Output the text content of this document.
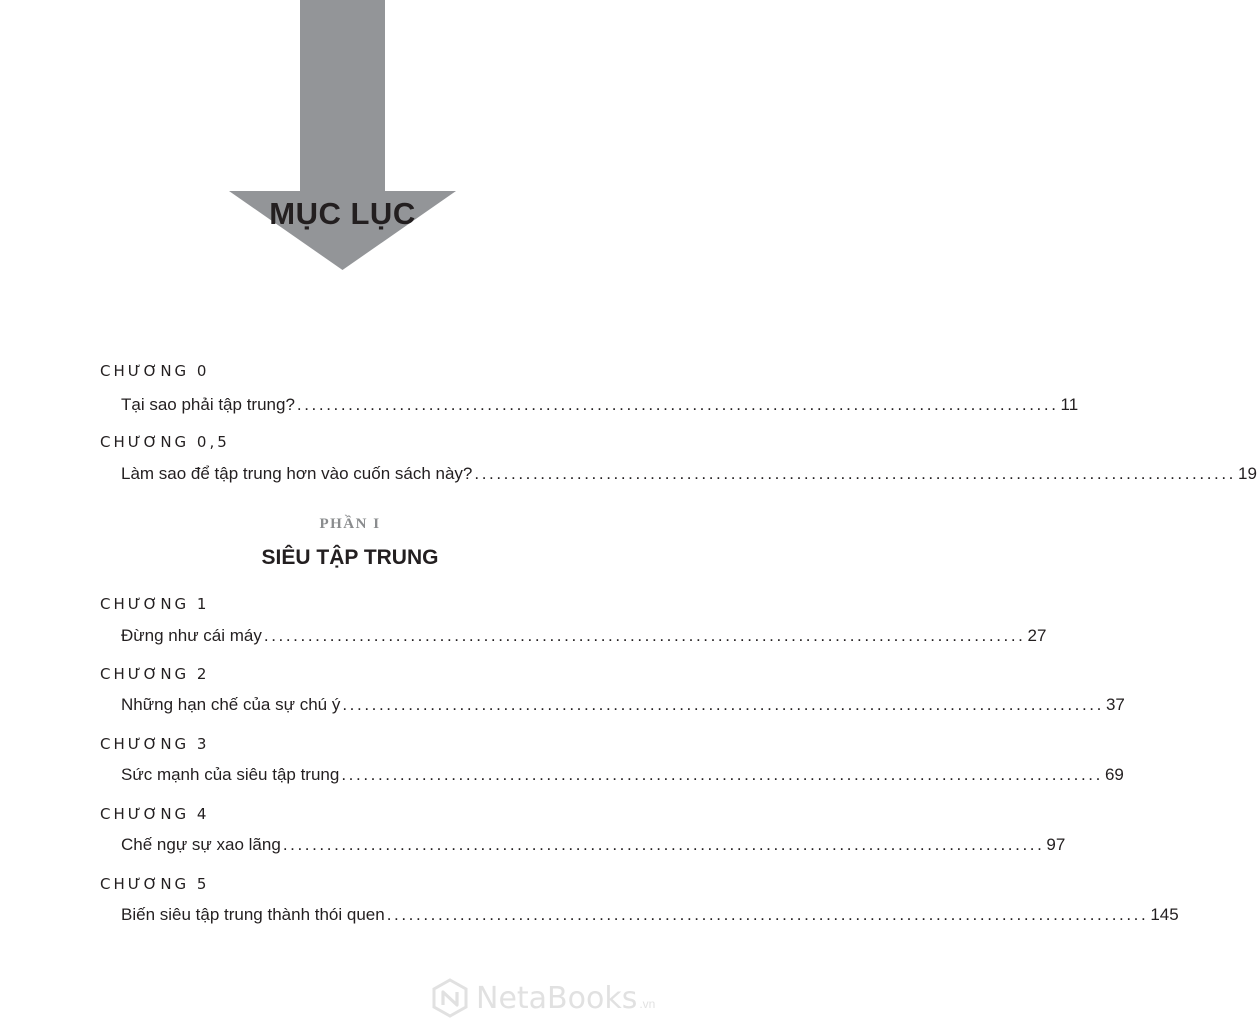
MỤC LỤC
CHƯƠNG 0
Tại sao phải tập trung? ........................................................................................................ 11
CHƯƠNG 0,5
Làm sao để tập trung hơn vào cuốn sách này? ........................................................................................................ 19
PHẦN I
SIÊU TẬP TRUNG
CHƯƠNG 1
Đừng như cái máy ........................................................................................................ 27
CHƯƠNG 2
Những hạn chế của sự chú ý ........................................................................................................ 37
CHƯƠNG 3
Sức mạnh của siêu tập trung ........................................................................................................ 69
CHƯƠNG 4
Chế ngự sự xao lãng ........................................................................................................ 97
CHƯƠNG 5
Biến siêu tập trung thành thói quen ........................................................................................................ 145
NetaBooks .vn
